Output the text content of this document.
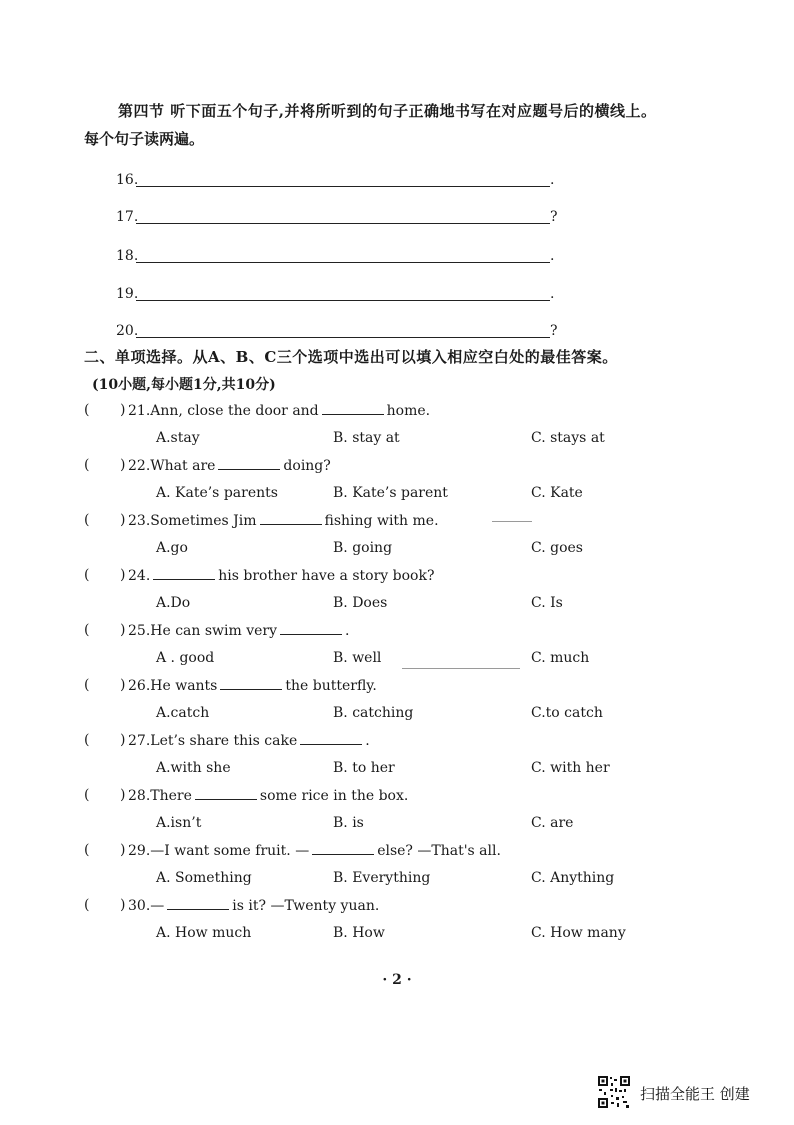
第四节 听下面五个句子,并将所听到的句子正确地书写在对应题号后的横线上。
每个句子读两遍。
16.	.
17.	?
18.	.
19.	.
20.	?
二、单项选择。从A、B、C三个选项中选出可以填入相应空白处的最佳答案。
(10小题,每小题1分,共10分)
( ) 21.Ann, close the door and	home.
A.stay	B. stay at	C. stays at
( ) 22.What are	doing?
A. Kate’s parents	B. Kate’s parent	C. Kate
( ) 23.Sometimes Jim	fishing with me.
A.go	B. going	C. goes
( ) 24.	his brother have a story book?
A.Do	B. Does	C. Is
( ) 25.He can swim very	.
A . good	B. well	C. much
( ) 26.He wants	the butterfly.
A.catch	B. catching	C.to catch
( ) 27.Let’s share this cake	.
A.with she	B. to her	C. with her
( ) 28.There	some rice in the box.
A.isn’t	B. is	C. are
( ) 29.—I want some fruit. —	else? —That's all.
A. Something	B. Everything	C. Anything
( ) 30.—	is it? —Twenty yuan.
A. How much	B. How	C. How many
· 2 ·
扫描全能王 创建
